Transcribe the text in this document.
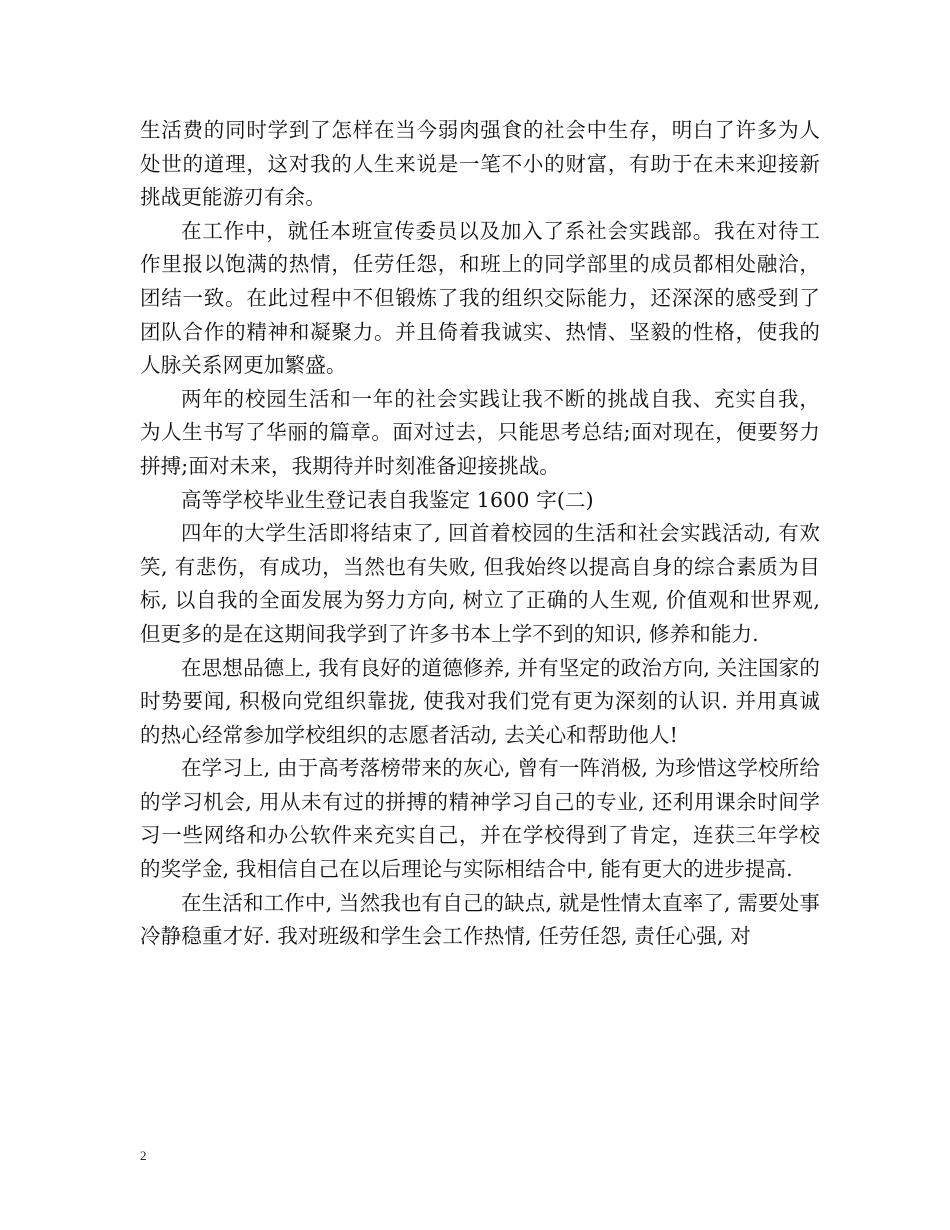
生活费的同时学到了怎样在当今弱肉强食的社会中生存，明白了许多为人处世的道理，这对我的人生来说是一笔不小的财富，有助于在未来迎接新挑战更能游刃有余。

在工作中，就任本班宣传委员以及加入了系社会实践部。我在对待工作里报以饱满的热情，任劳任怨，和班上的同学部里的成员都相处融洽，团结一致。在此过程中不但锻炼了我的组织交际能力，还深深的感受到了团队合作的精神和凝聚力。并且倚着我诚实、热情、坚毅的性格，使我的人脉关系网更加繁盛。

两年的校园生活和一年的社会实践让我不断的挑战自我、充实自我，为人生书写了华丽的篇章。面对过去，只能思考总结;面对现在，便要努力拼搏;面对未来，我期待并时刻准备迎接挑战。

高等学校毕业生登记表自我鉴定 1600 字(二)

四年的大学生活即将结束了, 回首着校园的生活和社会实践活动, 有欢笑, 有悲伤，有成功，当然也有失败, 但我始终以提高自身的综合素质为目标, 以自我的全面发展为努力方向, 树立了正确的人生观, 价值观和世界观, 但更多的是在这期间我学到了许多书本上学不到的知识, 修养和能力.

在思想品德上, 我有良好的道德修养, 并有坚定的政治方向, 关注国家的时势要闻, 积极向党组织靠拢, 使我对我们党有更为深刻的认识. 并用真诚的热心经常参加学校组织的志愿者活动, 去关心和帮助他人!

在学习上, 由于高考落榜带来的灰心, 曾有一阵消极, 为珍惜这学校所给的学习机会, 用从未有过的拼搏的精神学习自己的专业, 还利用课余时间学习一些网络和办公软件来充实自己，并在学校得到了肯定，连获三年学校的奖学金, 我相信自己在以后理论与实际相结合中, 能有更大的进步提高.

在生活和工作中, 当然我也有自己的缺点, 就是性情太直率了, 需要处事冷静稳重才好. 我对班级和学生会工作热情, 任劳任怨, 责任心强, 对

2
